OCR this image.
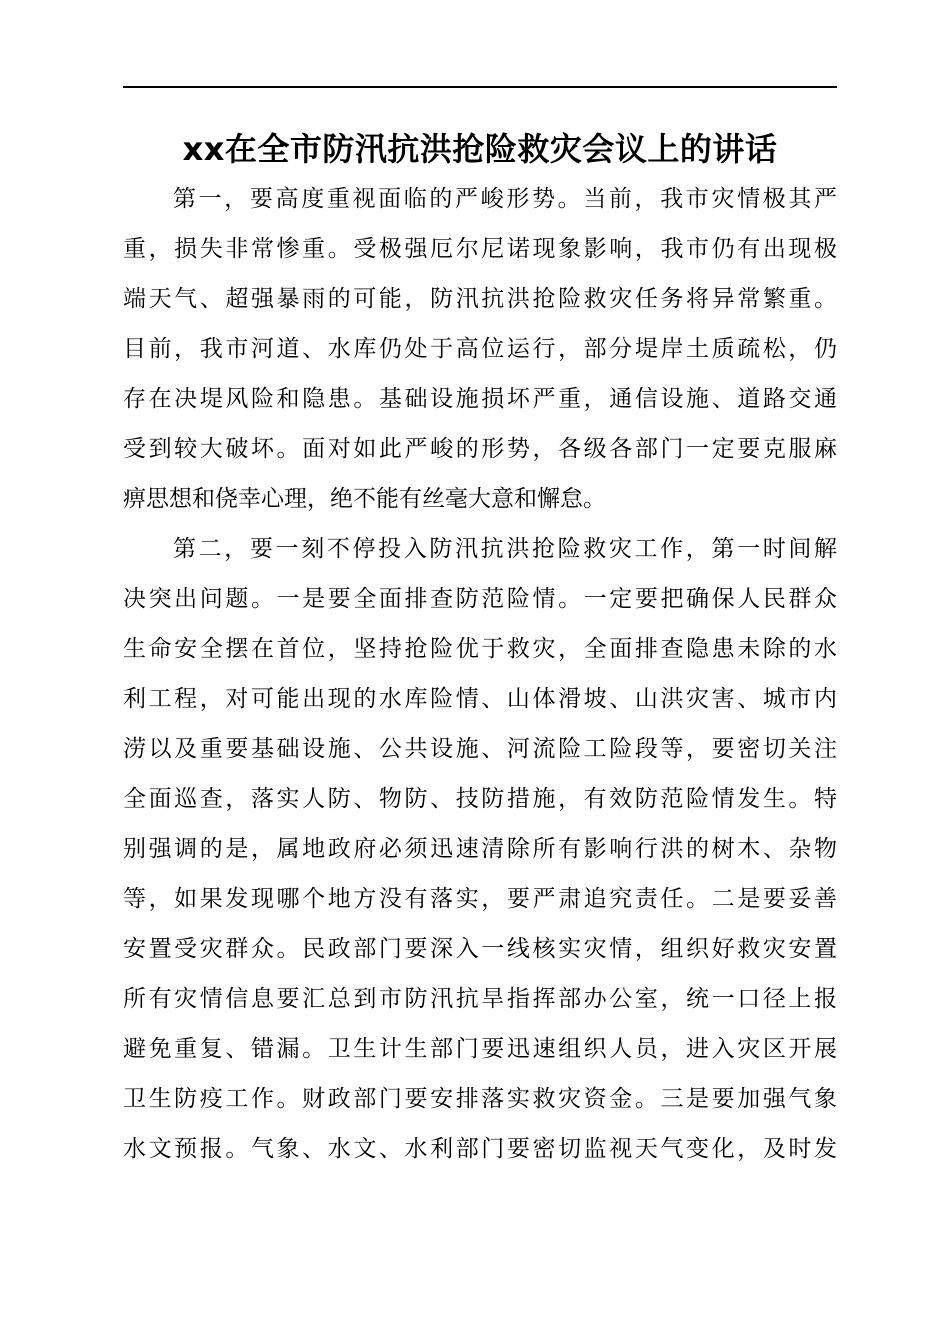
xx在全市防汛抗洪抢险救灾会议上的讲话
第一，要高度重视面临的严峻形势。当前，我市灾情极其严
重，损失非常惨重。受极强厄尔尼诺现象影响，我市仍有出现极
端天气、超强暴雨的可能，防汛抗洪抢险救灾任务将异常繁重。
目前，我市河道、水库仍处于高位运行，部分堤岸土质疏松，仍
存在决堤风险和隐患。基础设施损坏严重，通信设施、道路交通
受到较大破坏。面对如此严峻的形势，各级各部门一定要克服麻
痹思想和侥幸心理，绝不能有丝毫大意和懈怠。
第二，要一刻不停投入防汛抗洪抢险救灾工作，第一时间解
决突出问题。一是要全面排查防范险情。一定要把确保人民群众
生命安全摆在首位，坚持抢险优于救灾，全面排查隐患未除的水
利工程，对可能出现的水库险情、山体滑坡、山洪灾害、城市内
涝以及重要基础设施、公共设施、河流险工险段等，要密切关注
全面巡查，落实人防、物防、技防措施，有效防范险情发生。特
别强调的是，属地政府必须迅速清除所有影响行洪的树木、杂物
等，如果发现哪个地方没有落实，要严肃追究责任。二是要妥善
安置受灾群众。民政部门要深入一线核实灾情，组织好救灾安置
所有灾情信息要汇总到市防汛抗旱指挥部办公室，统一口径上报
避免重复、错漏。卫生计生部门要迅速组织人员，进入灾区开展
卫生防疫工作。财政部门要安排落实救灾资金。三是要加强气象
水文预报。气象、水文、水利部门要密切监视天气变化，及时发
